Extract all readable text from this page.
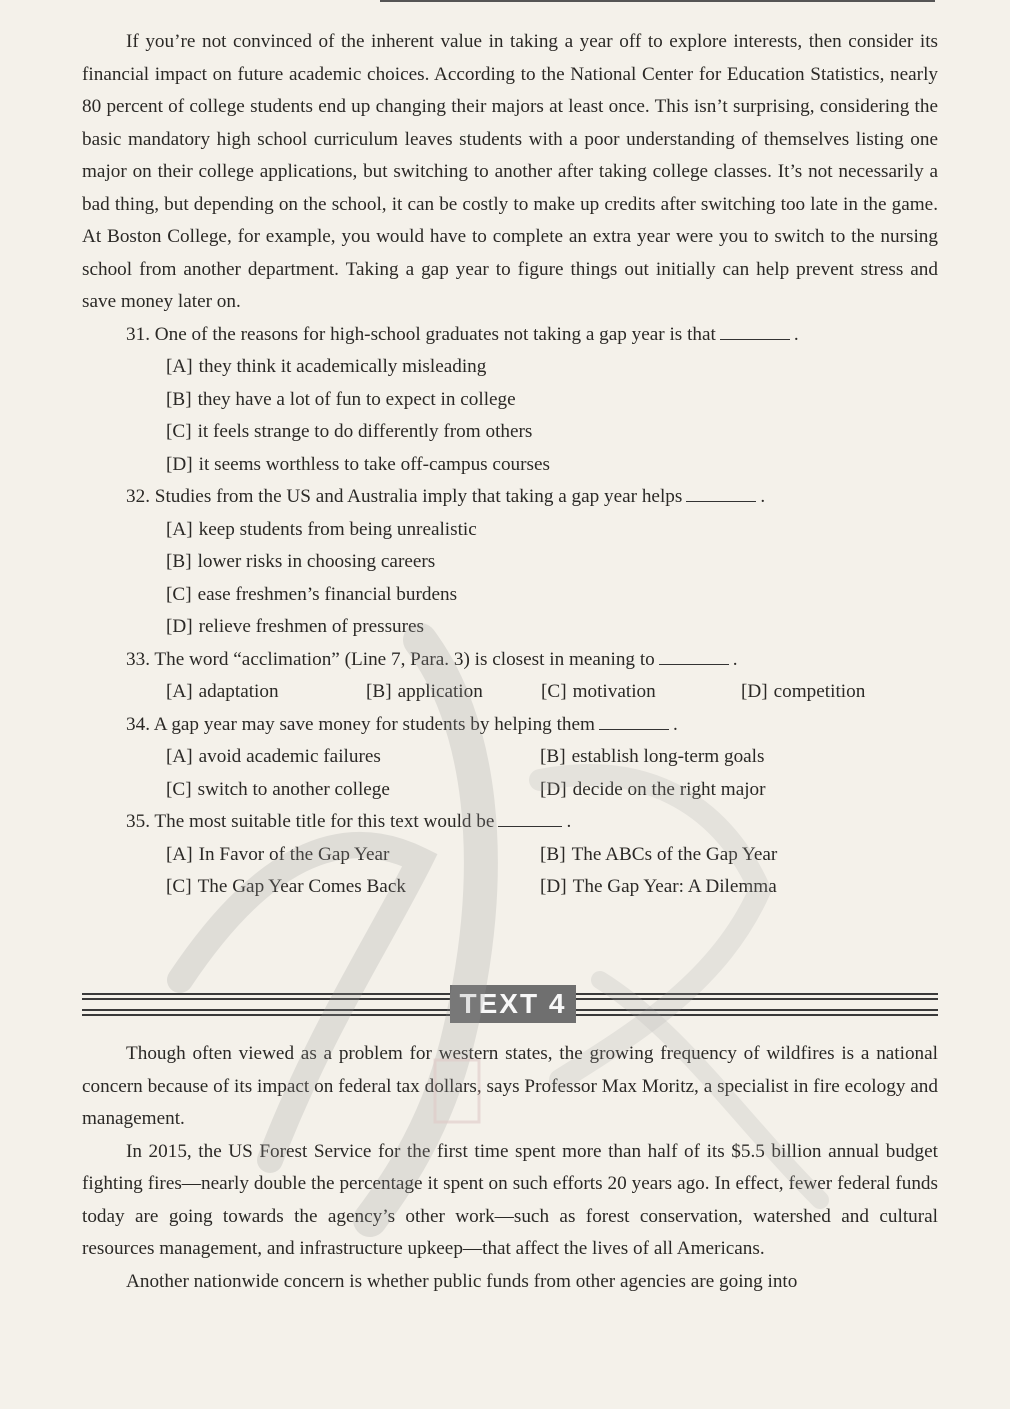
If you’re not convinced of the inherent value in taking a year off to explore interests, then consider its financial impact on future academic choices. According to the National Center for Education Statistics, nearly 80 percent of college students end up changing their majors at least once. This isn’t surprising, considering the basic mandatory high school curriculum leaves students with a poor understanding of themselves listing one major on their college applications, but switching to another after taking college classes. It’s not necessarily a bad thing, but depending on the school, it can be costly to make up credits after switching too late in the game. At Boston College, for example, you would have to complete an extra year were you to switch to the nursing school from another department. Taking a gap year to figure things out initially can help prevent stress and save money later on.

31. One of the reasons for high-school graduates not taking a gap year is that	.

[A] they think it academically misleading

[B] they have a lot of fun to expect in college

[C] it feels strange to do differently from others

[D] it seems worthless to take off-campus courses

32. Studies from the US and Australia imply that taking a gap year helps	.

[A] keep students from being unrealistic

[B] lower risks in choosing careers

[C] ease freshmen’s financial burdens

[D] relieve freshmen of pressures

33. The word “acclimation” (Line 7, Para. 3) is closest in meaning to	.

[A] adaptation	[B] application	[C] motivation	[D] competition

34. A gap year may save money for students by helping them	.

[A] avoid academic failures	[B] establish long-term goals
[C] switch to another college	[D] decide on the right major

35. The most suitable title for this text would be	.

[A] In Favor of the Gap Year	[B] The ABCs of the Gap Year
[C] The Gap Year Comes Back	[D] The Gap Year: A Dilemma
TEXT 4

Though often viewed as a problem for western states, the growing frequency of wildfires is a national concern because of its impact on federal tax dollars, says Professor Max Moritz, a specialist in fire ecology and management.

In 2015, the US Forest Service for the first time spent more than half of its $5.5 billion annual budget fighting fires—nearly double the percentage it spent on such efforts 20 years ago. In effect, fewer federal funds today are going towards the agency’s other work—such as forest conservation, watershed and cultural resources management, and infrastructure upkeep—that affect the lives of all Americans.

Another nationwide concern is whether public funds from other agencies are going into
